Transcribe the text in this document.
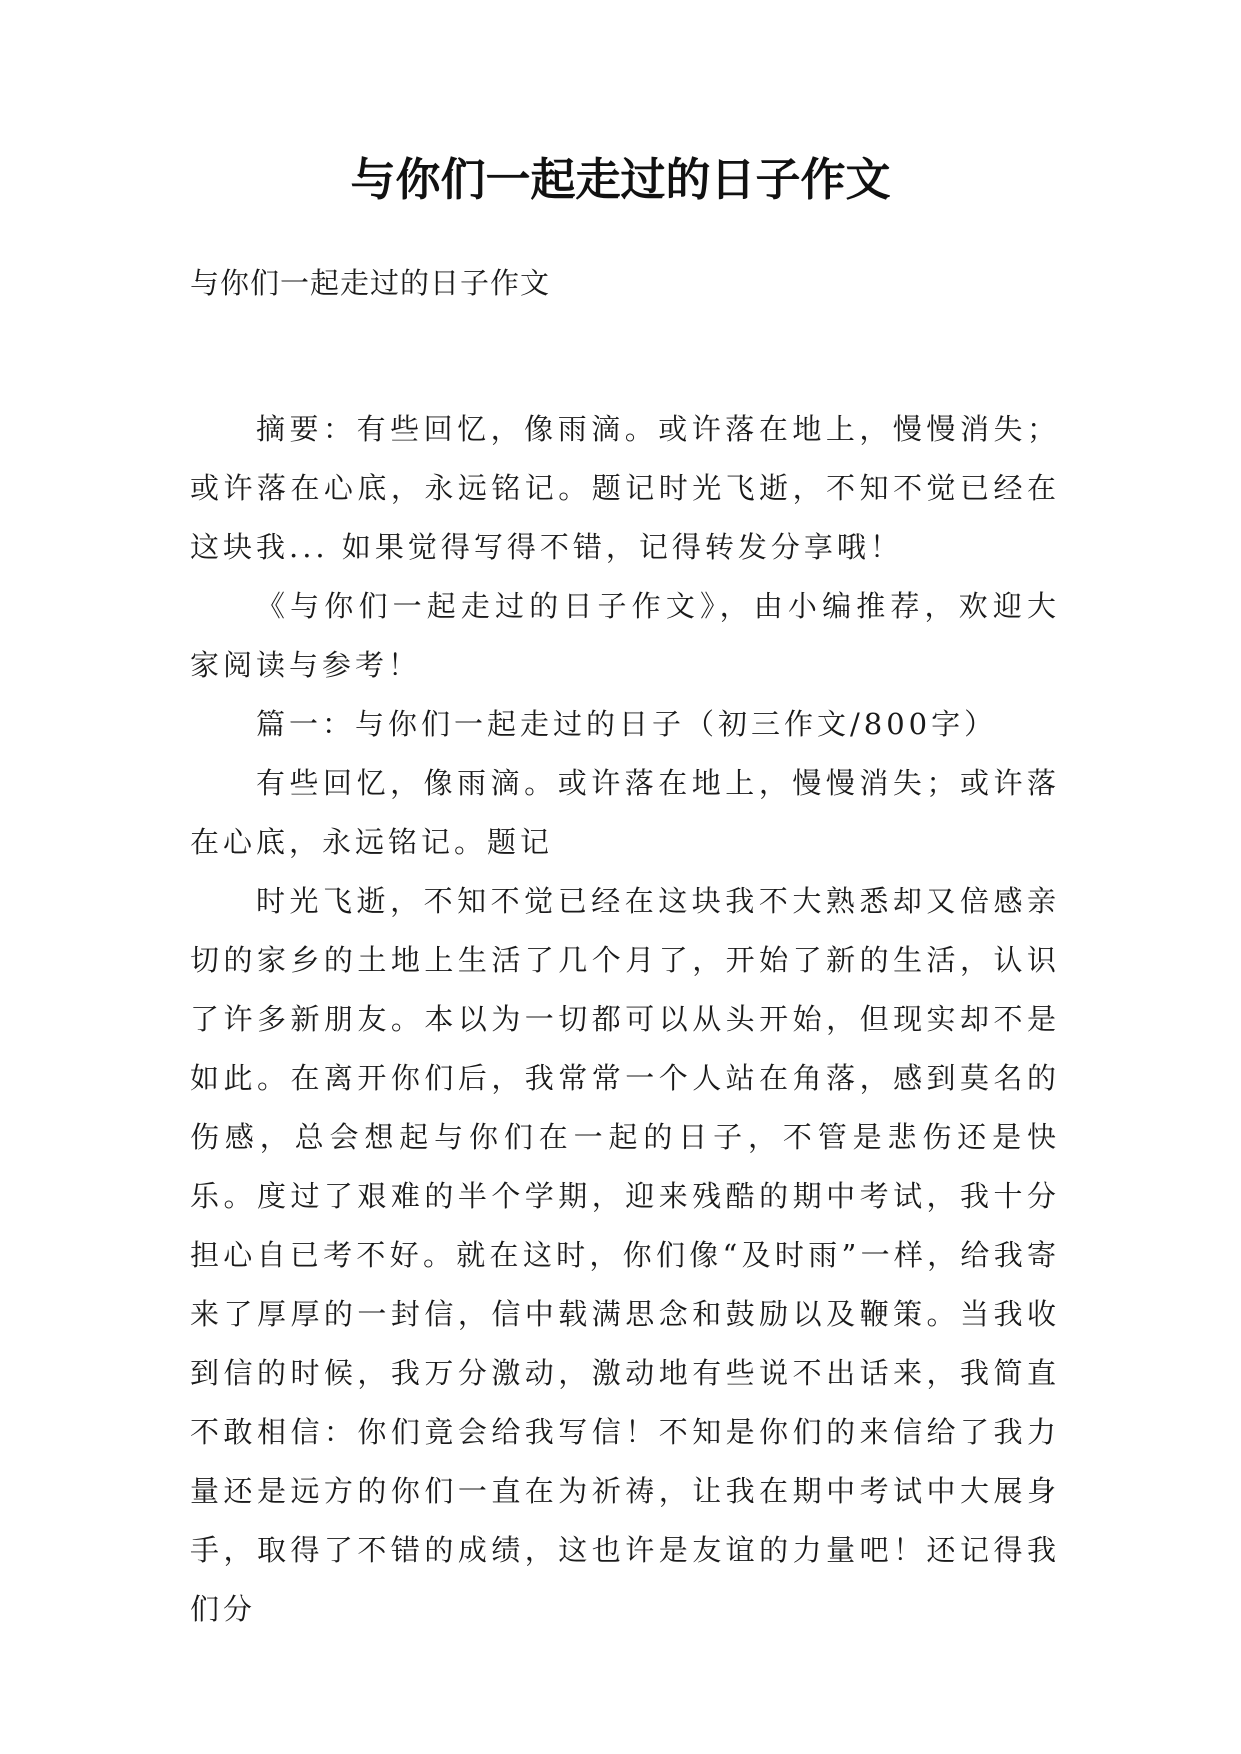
与你们一起走过的日子作文
与你们一起走过的日子作文

摘要：有些回忆，像雨滴。或许落在地上，慢慢消失；或许落在心底，永远铭记。题记时光飞逝，不知不觉已经在这块我... 如果觉得写得不错，记得转发分享哦！

《与你们一起走过的日子作文》，由小编推荐，欢迎大家阅读与参考！

篇一：与你们一起走过的日子（初三作文/800字）

有些回忆，像雨滴。或许落在地上，慢慢消失；或许落在心底，永远铭记。题记

时光飞逝，不知不觉已经在这块我不大熟悉却又倍感亲切的家乡的土地上生活了几个月了，开始了新的生活，认识了许多新朋友。本以为一切都可以从头开始，但现实却不是如此。在离开你们后，我常常一个人站在角落，感到莫名的伤感，总会想起与你们在一起的日子，不管是悲伤还是快乐。度过了艰难的半个学期，迎来残酷的期中考试，我十分担心自已考不好。就在这时，你们像“及时雨”一样，给我寄来了厚厚的一封信，信中载满思念和鼓励以及鞭策。当我收到信的时候，我万分激动，激动地有些说不出话来，我简直不敢相信：你们竟会给我写信！不知是你们的来信给了我力量还是远方的你们一直在为祈祷，让我在期中考试中大展身手，取得了不错的成绩，这也许是友谊的力量吧！还记得我们分
